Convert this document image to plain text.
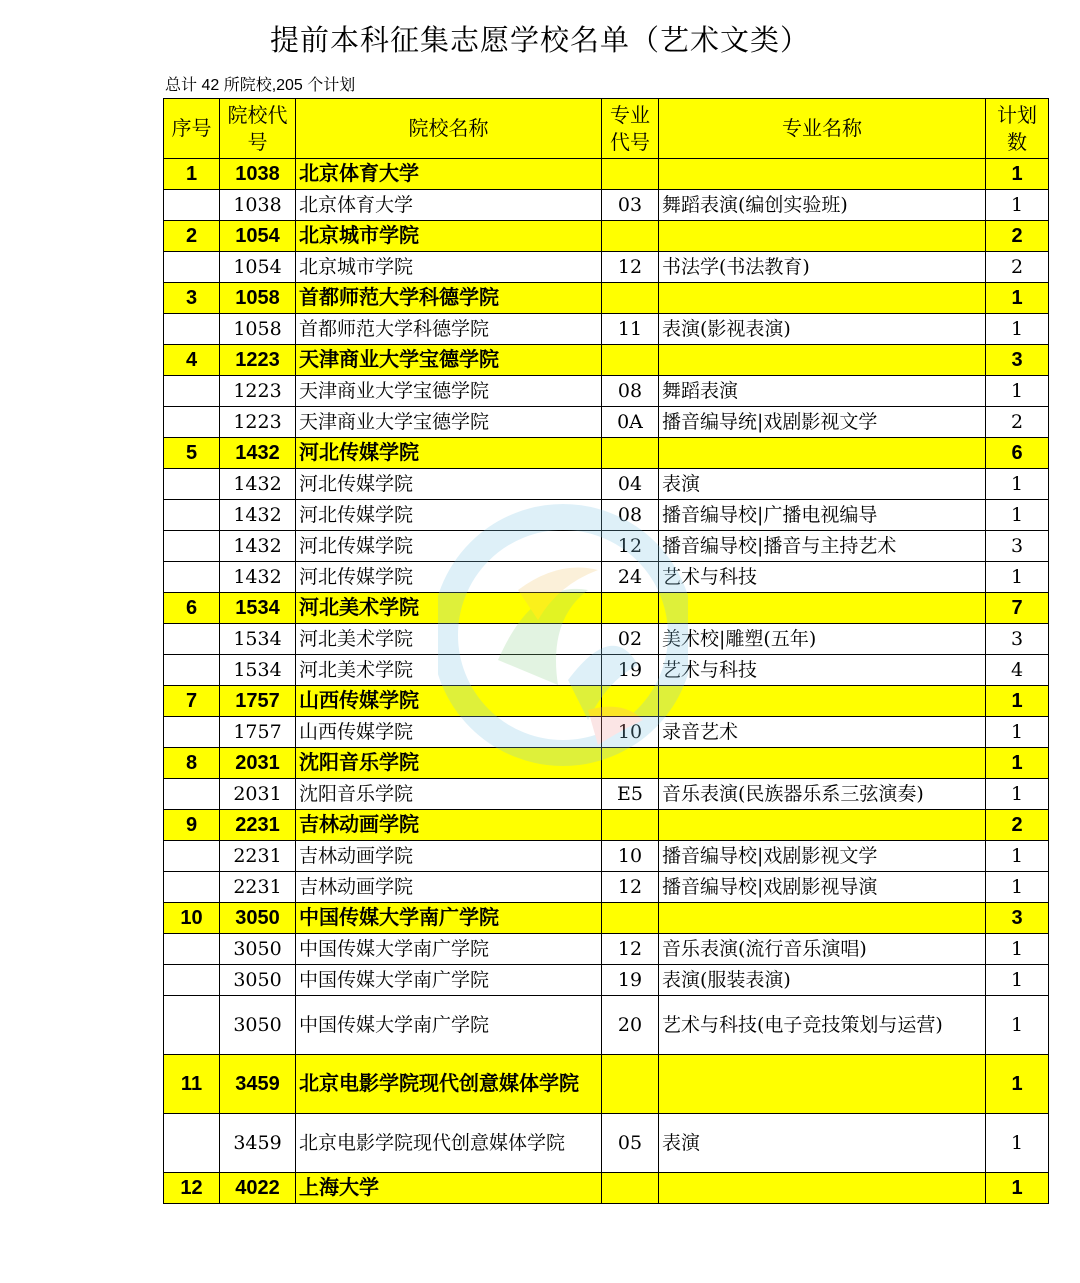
提前本科征集志愿学校名单（艺术文类）
总计 42 所院校,205 个计划
序号	院校代号	院校名称	专业代号	专业名称	计划数
1	1038	北京体育大学			1
	1038	北京体育大学	03	舞蹈表演(编创实验班)	1
2	1054	北京城市学院			2
	1054	北京城市学院	12	书法学(书法教育)	2
3	1058	首都师范大学科德学院			1
	1058	首都师范大学科德学院	11	表演(影视表演)	1
4	1223	天津商业大学宝德学院			3
	1223	天津商业大学宝德学院	08	舞蹈表演	1
	1223	天津商业大学宝德学院	0A	播音编导统|戏剧影视文学	2
5	1432	河北传媒学院			6
	1432	河北传媒学院	04	表演	1
	1432	河北传媒学院	08	播音编导校|广播电视编导	1
	1432	河北传媒学院	12	播音编导校|播音与主持艺术	3
	1432	河北传媒学院	24	艺术与科技	1
6	1534	河北美术学院			7
	1534	河北美术学院	02	美术校|雕塑(五年)	3
	1534	河北美术学院	19	艺术与科技	4
7	1757	山西传媒学院			1
	1757	山西传媒学院	10	录音艺术	1
8	2031	沈阳音乐学院			1
	2031	沈阳音乐学院	E5	音乐表演(民族器乐系三弦演奏)	1
9	2231	吉林动画学院			2
	2231	吉林动画学院	10	播音编导校|戏剧影视文学	1
	2231	吉林动画学院	12	播音编导校|戏剧影视导演	1
10	3050	中国传媒大学南广学院			3
	3050	中国传媒大学南广学院	12	音乐表演(流行音乐演唱)	1
	3050	中国传媒大学南广学院	19	表演(服装表演)	1
	3050	中国传媒大学南广学院	20	艺术与科技(电子竞技策划与运营)	1
11	3459	北京电影学院现代创意媒体学院			1
	3459	北京电影学院现代创意媒体学院	05	表演	1
12	4022	上海大学			1
